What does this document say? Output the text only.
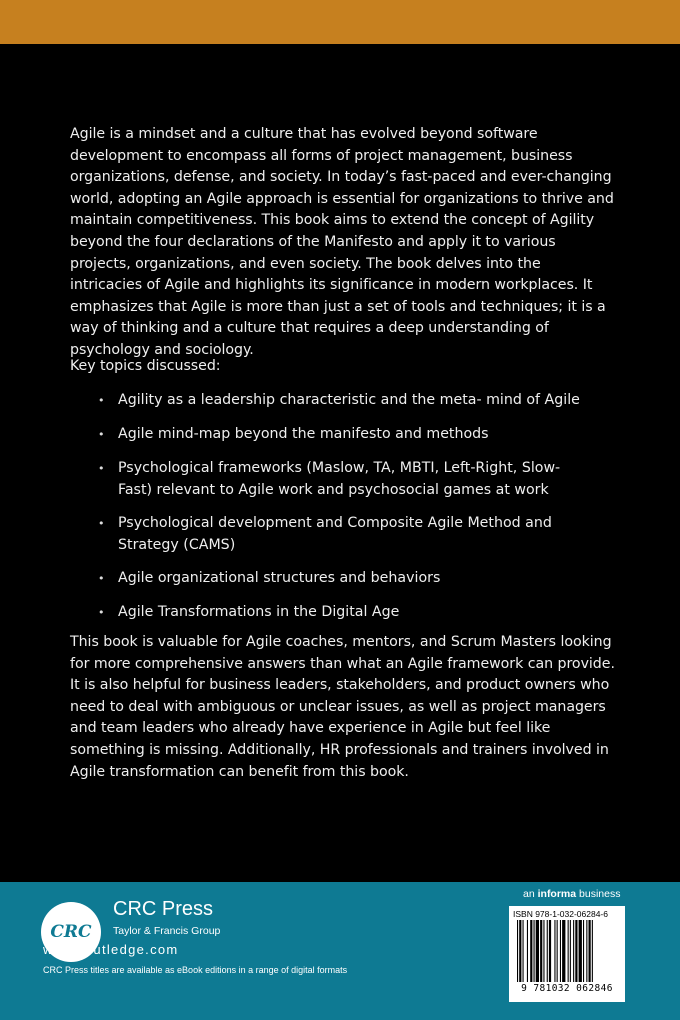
Agile is a mindset and a culture that has evolved beyond software development to encompass all forms of project management, business organizations, defense, and society. In today’s fast-paced and ever-changing world, adopting an Agile approach is essential for organizations to thrive and maintain competitiveness. This book aims to extend the concept of Agility beyond the four declarations of the Manifesto and apply it to various projects, organizations, and even society. The book delves into the intricacies of Agile and highlights its significance in modern workplaces. It emphasizes that Agile is more than just a set of tools and techniques; it is a way of thinking and a culture that requires a deep understanding of psychology and sociology.

Key topics discussed:

• Agility as a leadership characteristic and the meta- mind of Agile
• Agile mind-map beyond the manifesto and methods
• Psychological frameworks (Maslow, TA, MBTI, Left-Right, Slow-Fast) relevant to Agile work and psychosocial games at work
• Psychological development and Composite Agile Method and Strategy (CAMS)
• Agile organizational structures and behaviors
• Agile Transformations in the Digital Age

This book is valuable for Agile coaches, mentors, and Scrum Masters looking for more comprehensive answers than what an Agile framework can provide. It is also helpful for business leaders, stakeholders, and product owners who need to deal with ambiguous or unclear issues, as well as project managers and team leaders who already have experience in Agile but feel like something is missing. Additionally, HR professionals and trainers involved in Agile transformation can benefit from this book.

CRC
CRC Press
Taylor & Francis Group
www.routledge.com
CRC Press titles are available as eBook editions in a range of digital formats
an informa business
ISBN 978-1-032-06284-6
9 781032 062846
